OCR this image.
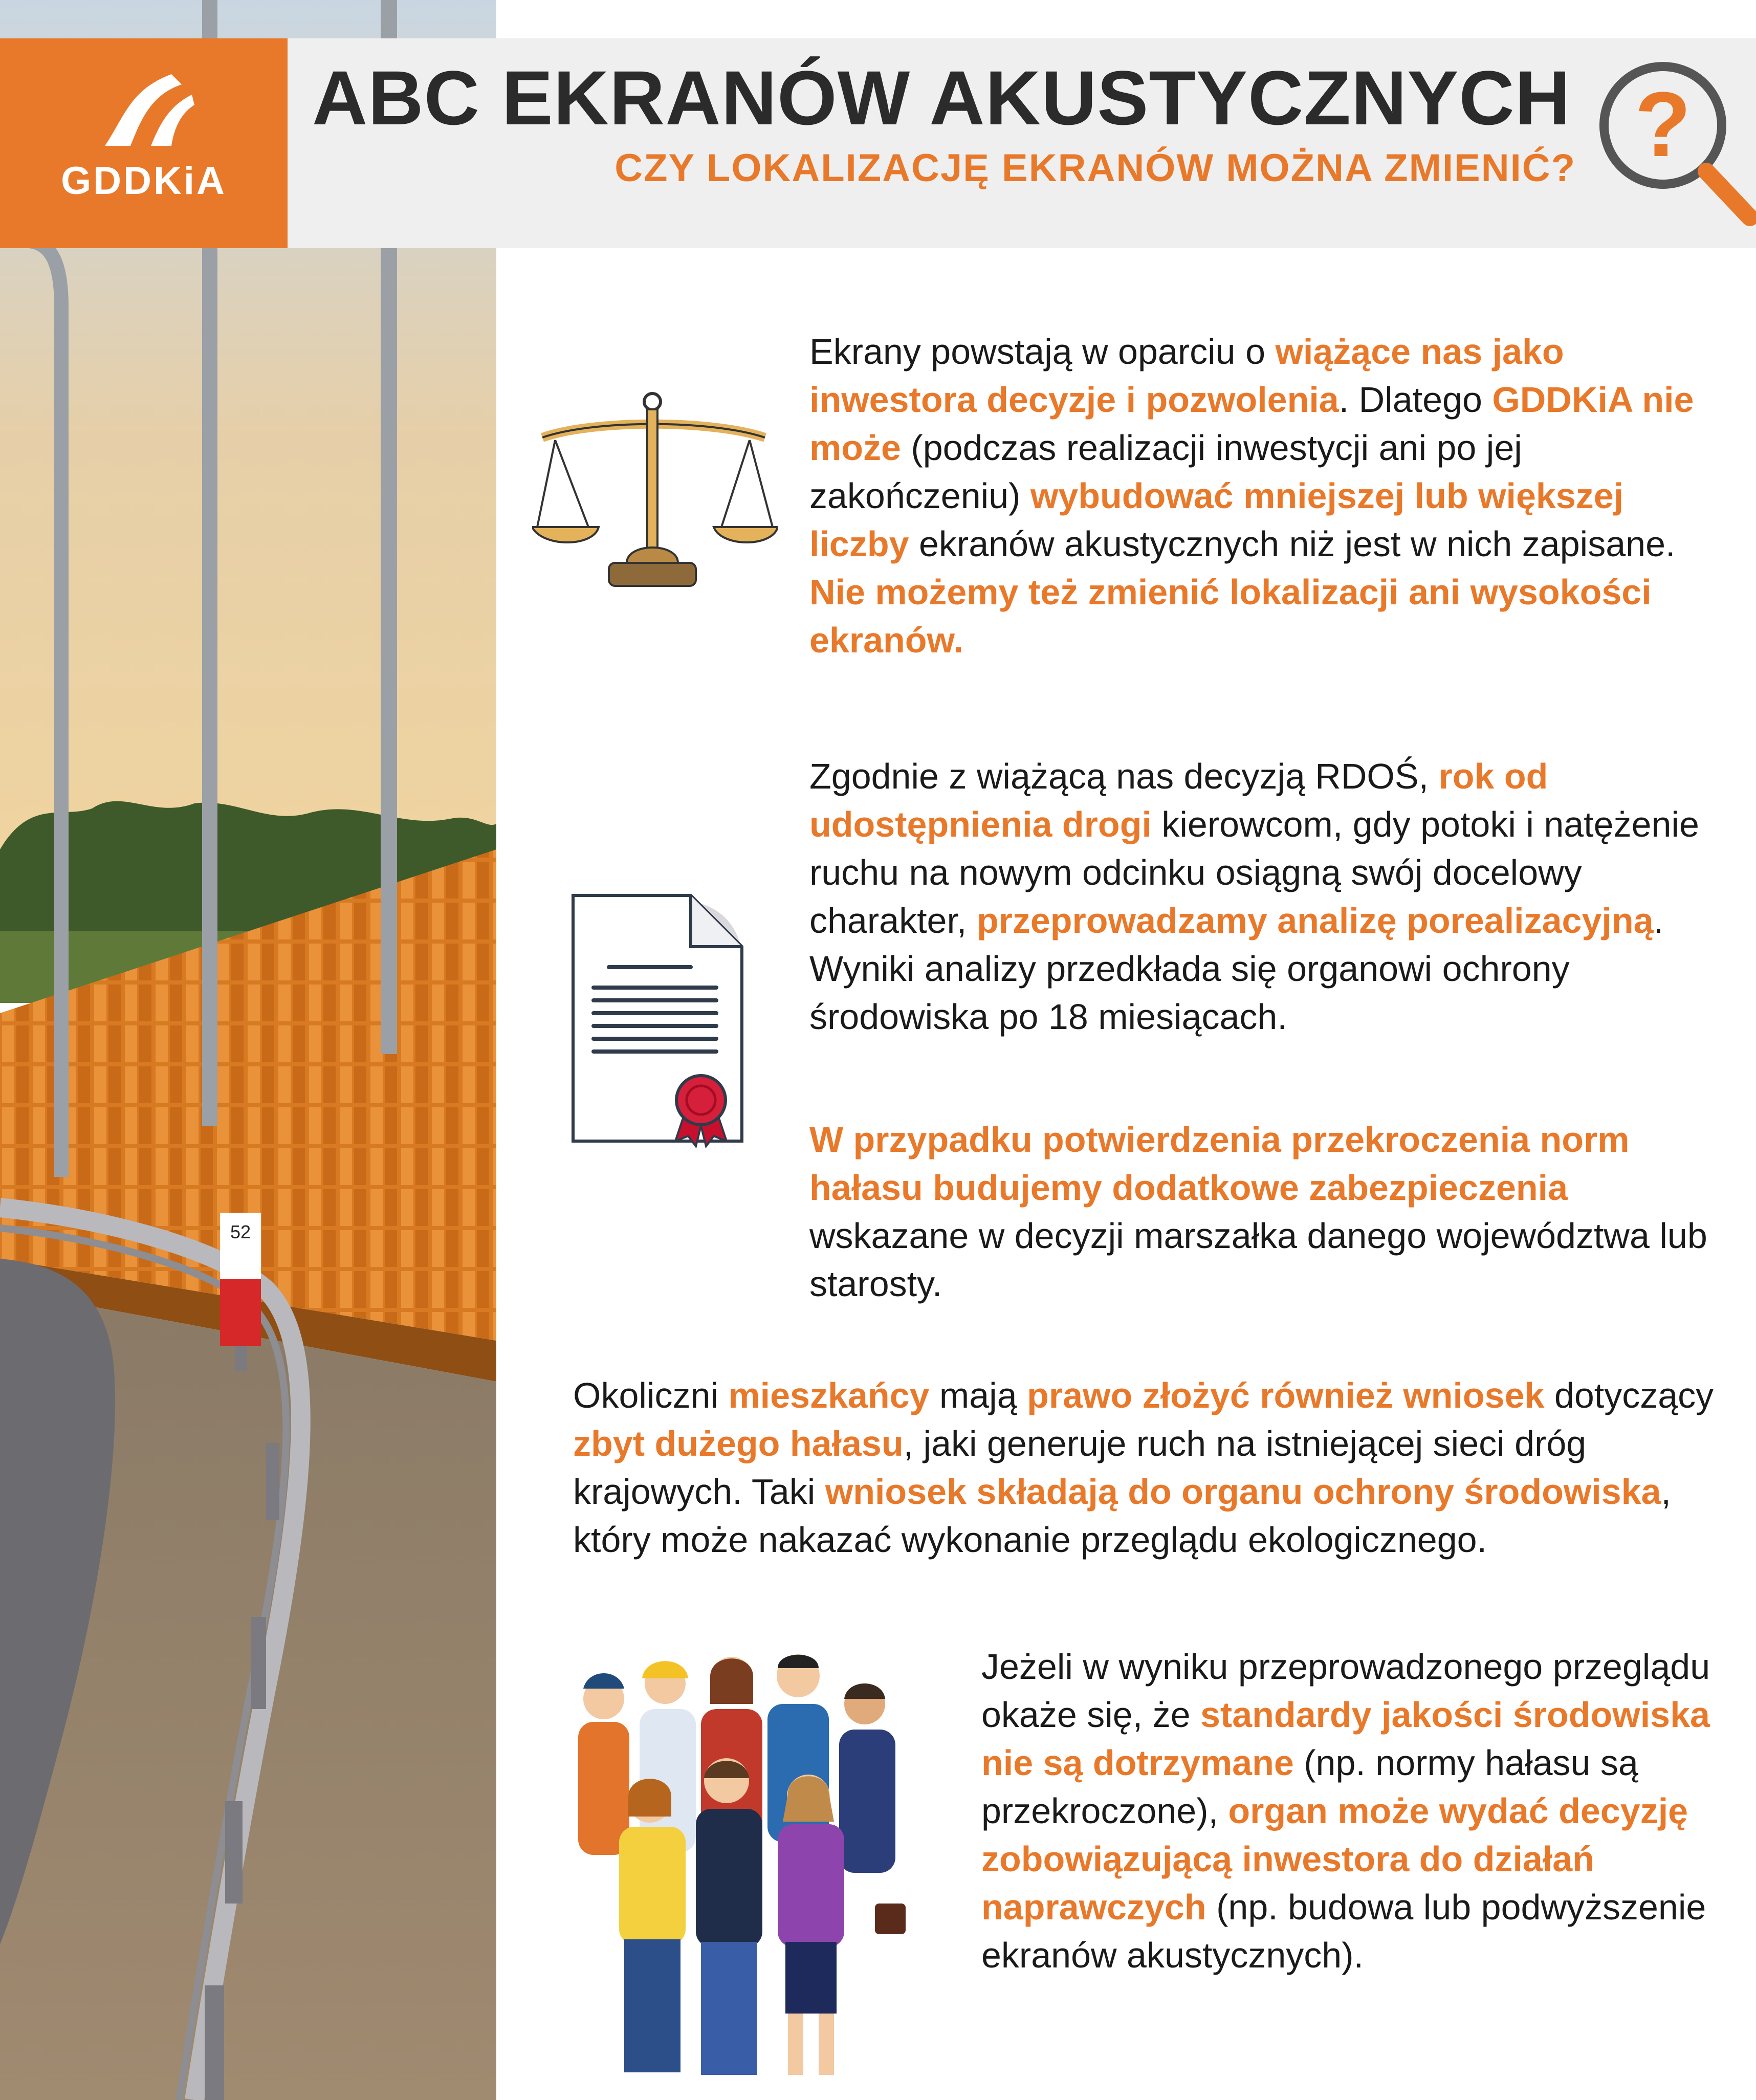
52
GDDKiA
ABC EKRANÓW AKUSTYCZNYCH
CZY LOKALIZACJĘ EKRANÓW MOŻNA ZMIENIĆ? ?
Ekrany powstają w oparciu o wiążące nas jako inwestora decyzje i pozwolenia. Dlatego GDDKiA nie może (podczas realizacji inwestycji ani po jej zakończeniu) wybudować mniejszej lub większej liczby ekranów akustycznych niż jest w nich zapisane. Nie możemy też zmienić lokalizacji ani wysokości ekranów.
Zgodnie z wiążącą nas decyzją RDOŚ, rok od udostępnienia drogi kierowcom, gdy potoki i natężenie ruchu na nowym odcinku osiągną swój docelowy charakter, przeprowadzamy analizę porealizacyjną. Wyniki analizy przedkłada się organowi ochrony środowiska po 18 miesiącach.
W przypadku potwierdzenia przekroczenia norm hałasu budujemy dodatkowe zabezpieczenia wskazane w decyzji marszałka danego województwa lub starosty.
Okoliczni mieszkańcy mają prawo złożyć również wniosek dotyczący zbyt dużego hałasu, jaki generuje ruch na istniejącej sieci dróg krajowych. Taki wniosek składają do organu ochrony środowiska, który może nakazać wykonanie przeglądu ekologicznego.
Jeżeli w wyniku przeprowadzonego przeglądu okaże się, że standardy jakości środowiska nie są dotrzymane (np. normy hałasu są przekroczone), organ może wydać decyzję zobowiązującą inwestora do działań naprawczych (np. budowa lub podwyższenie ekranów akustycznych).
